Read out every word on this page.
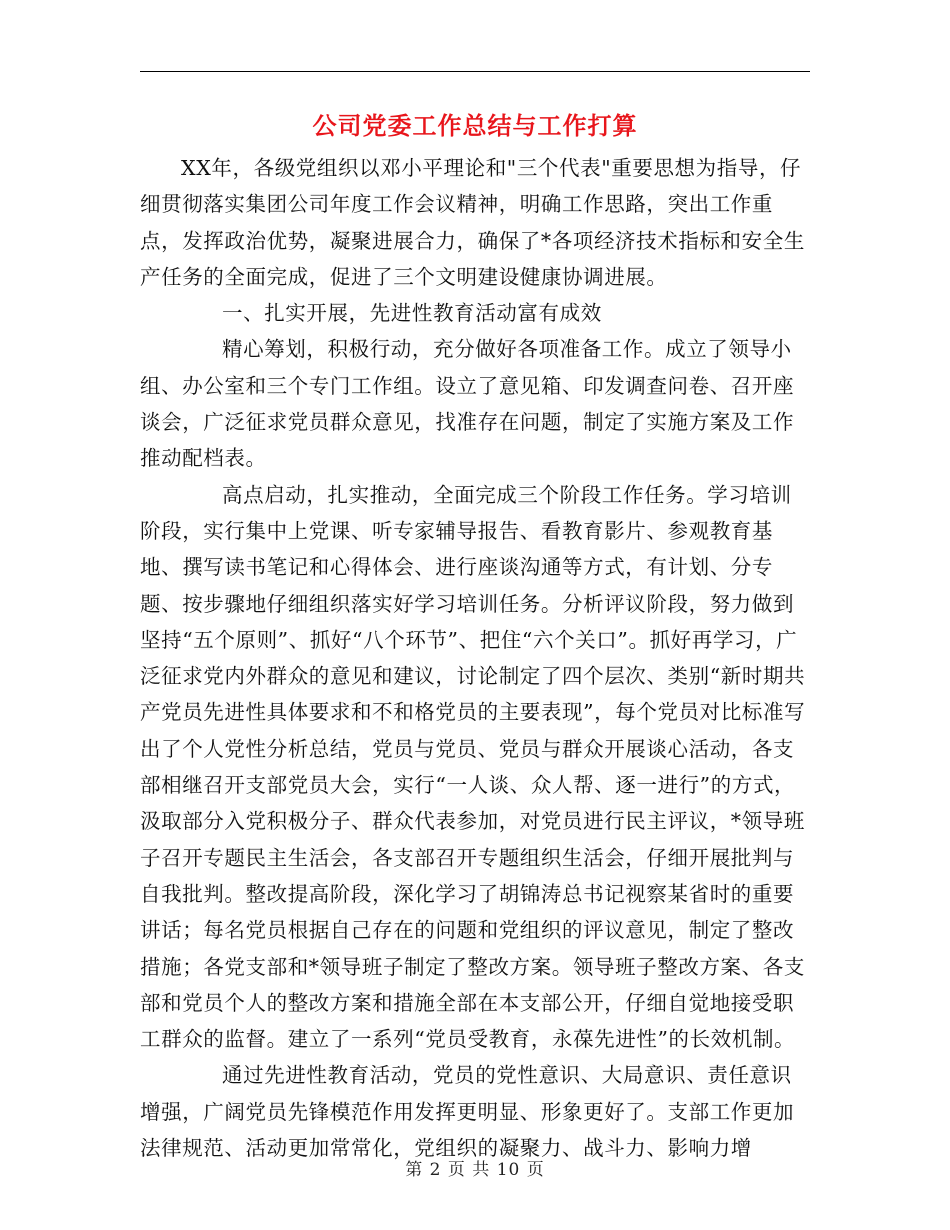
公司党委工作总结与工作打算

XX年，各级党组织以邓小平理论和"三个代表"重要思想为指导，仔细贯彻落实集团公司年度工作会议精神，明确工作思路，突出工作重点，发挥政治优势，凝聚进展合力，确保了*各项经济技术指标和安全生产任务的全面完成，促进了三个文明建设健康协调进展。

一、扎实开展，先进性教育活动富有成效

精心筹划，积极行动，充分做好各项准备工作。成立了领导小组、办公室和三个专门工作组。设立了意见箱、印发调查问卷、召开座谈会，广泛征求党员群众意见，找准存在问题，制定了实施方案及工作推动配档表。

高点启动，扎实推动，全面完成三个阶段工作任务。学习培训阶段，实行集中上党课、听专家辅导报告、看教育影片、参观教育基地、撰写读书笔记和心得体会、进行座谈沟通等方式，有计划、分专题、按步骤地仔细组织落实好学习培训任务。分析评议阶段，努力做到坚持“五个原则”、抓好“八个环节”、把住“六个关口”。抓好再学习，广泛征求党内外群众的意见和建议，讨论制定了四个层次、类别“新时期共产党员先进性具体要求和不和格党员的主要表现”，每个党员对比标准写出了个人党性分析总结，党员与党员、党员与群众开展谈心活动，各支部相继召开支部党员大会，实行“一人谈、众人帮、逐一进行”的方式，汲取部分入党积极分子、群众代表参加，对党员进行民主评议，*领导班子召开专题民主生活会，各支部召开专题组织生活会，仔细开展批判与自我批判。整改提高阶段，深化学习了胡锦涛总书记视察某省时的重要讲话；每名党员根据自己存在的问题和党组织的评议意见，制定了整改措施；各党支部和*领导班子制定了整改方案。领导班子整改方案、各支部和党员个人的整改方案和措施全部在本支部公开，仔细自觉地接受职工群众的监督。建立了一系列“党员受教育，永葆先进性”的长效机制。

通过先进性教育活动，党员的党性意识、大局意识、责任意识增强，广阔党员先锋模范作用发挥更明显、形象更好了。支部工作更加法律规范、活动更加常常化，党组织的凝聚力、战斗力、影响力增

第 2 页 共 10 页
